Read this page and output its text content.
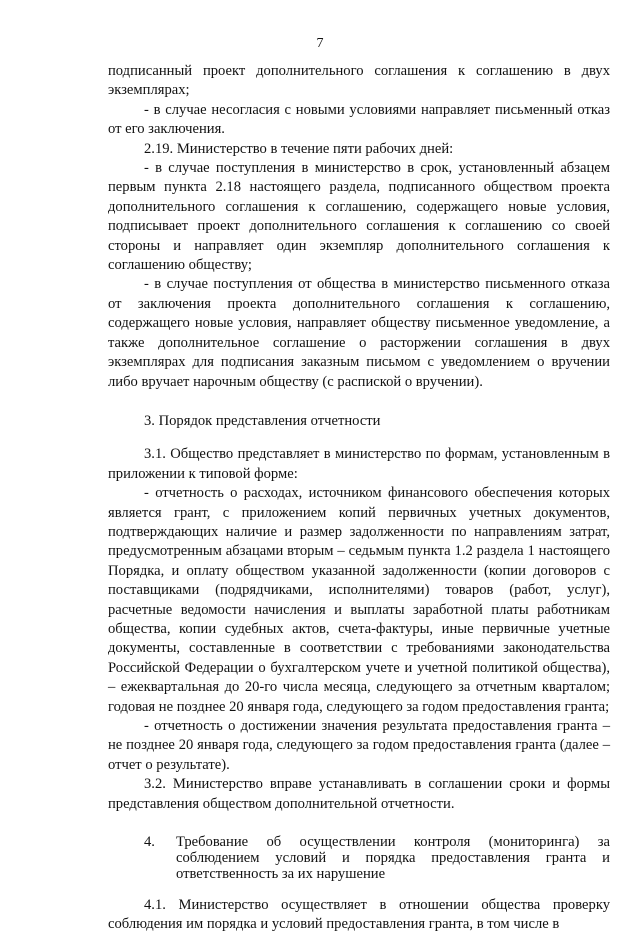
7

подписанный проект дополнительного соглашения к соглашению в двух экземплярах;

- в случае несогласия с новыми условиями направляет письменный отказ от его заключения.

2.19. Министерство в течение пяти рабочих дней:

- в случае поступления в министерство в срок, установленный абзацем первым пункта 2.18 настоящего раздела, подписанного обществом проекта дополнительного соглашения к соглашению, содержащего новые условия, подписывает проект дополнительного соглашения к соглашению со своей стороны и направляет один экземпляр дополнительного соглашения к соглашению обществу;

- в случае поступления от общества в министерство письменного отказа от заключения проекта дополнительного соглашения к соглашению, содержащего новые условия, направляет обществу письменное уведомление, а также дополнительное соглашение о расторжении соглашения в двух экземплярах для подписания заказным письмом с уведомлением о вручении либо вручает нарочным обществу (с распиской о вручении).

3. Порядок представления отчетности

3.1. Общество представляет в министерство по формам, установленным в приложении к типовой форме:

- отчетность о расходах, источником финансового обеспечения которых является грант, с приложением копий первичных учетных документов, подтверждающих наличие и размер задолженности по направлениям затрат, предусмотренным абзацами вторым – седьмым пункта 1.2 раздела 1 настоящего Порядка, и оплату обществом указанной задолженности (копии договоров с поставщиками (подрядчиками, исполнителями) товаров (работ, услуг), расчетные ведомости начисления и выплаты заработной платы работникам общества, копии судебных актов, счета-фактуры, иные первичные учетные документы, составленные в соответствии с требованиями законодательства Российской Федерации о бухгалтерском учете и учетной политикой общества), – ежеквартальная до 20-го числа месяца, следующего за отчетным кварталом; годовая не позднее 20 января года, следующего за годом предоставления гранта;

- отчетность о достижении значения результата предоставления гранта – не позднее 20 января года, следующего за годом предоставления гранта (далее – отчет о результате).

3.2. Министерство вправе устанавливать в соглашении сроки и формы представления обществом дополнительной отчетности.

4.	Требование об осуществлении контроля (мониторинга) за соблюдением условий и порядка предоставления гранта и ответственность за их нарушение

4.1. Министерство осуществляет в отношении общества проверку соблюдения им порядка и условий предоставления гранта, в том числе в
